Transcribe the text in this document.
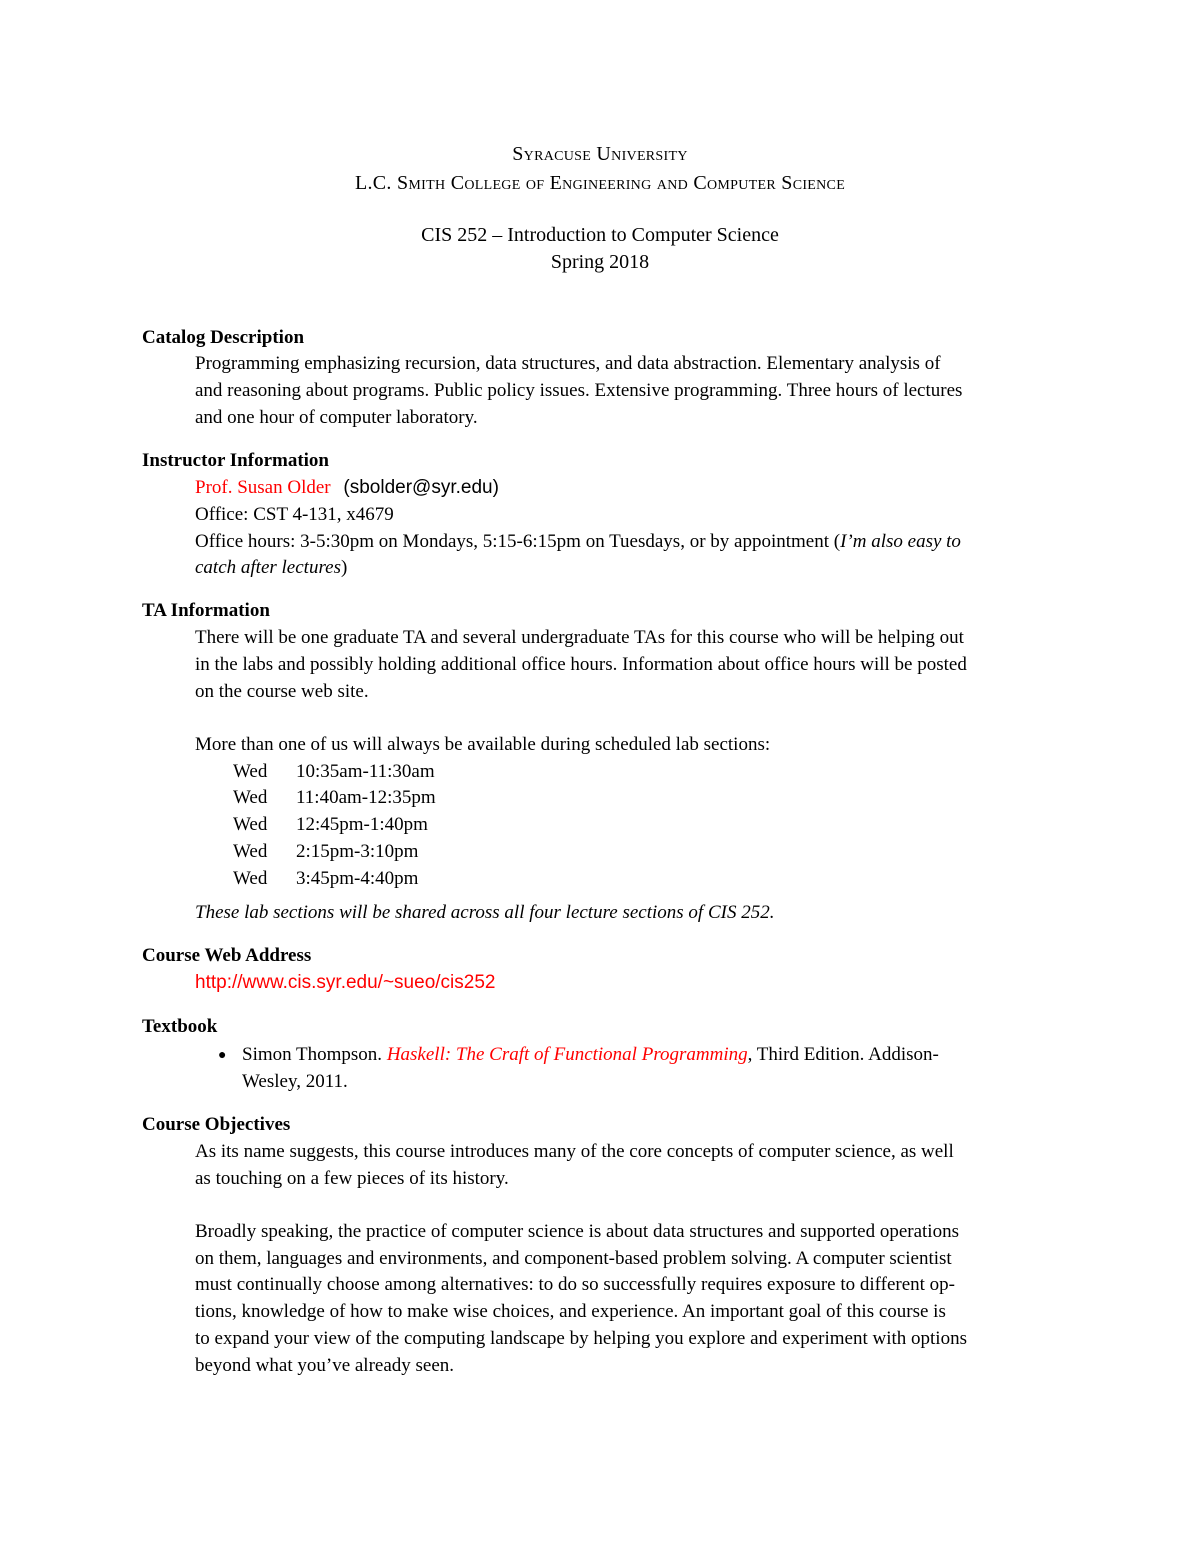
Syracuse University
L.C. Smith College of Engineering and Computer Science
CIS 252 – Introduction to Computer Science
Spring 2018
Catalog Description
Programming emphasizing recursion, data structures, and data abstraction. Elementary analysis of
and reasoning about programs. Public policy issues. Extensive programming. Three hours of lectures
and one hour of computer laboratory.
Instructor Information
Prof. Susan Older (sbolder@syr.edu)
Office: CST 4-131, x4679
Office hours: 3-5:30pm on Mondays, 5:15-6:15pm on Tuesdays, or by appointment (I’m also easy to
catch after lectures)
TA Information
There will be one graduate TA and several undergraduate TAs for this course who will be helping out
in the labs and possibly holding additional office hours. Information about office hours will be posted
on the course web site.
More than one of us will always be available during scheduled lab sections:
Wed 10:35am-11:30am
Wed 11:40am-12:35pm
Wed 12:45pm-1:40pm
Wed 2:15pm-3:10pm
Wed 3:45pm-4:40pm
These lab sections will be shared across all four lecture sections of CIS 252.
Course Web Address
http://www.cis.syr.edu/~sueo/cis252
Textbook
● Simon Thompson. Haskell: The Craft of Functional Programming, Third Edition. Addison-
Wesley, 2011.
Course Objectives
As its name suggests, this course introduces many of the core concepts of computer science, as well
as touching on a few pieces of its history.
Broadly speaking, the practice of computer science is about data structures and supported operations
on them, languages and environments, and component-based problem solving. A computer scientist
must continually choose among alternatives: to do so successfully requires exposure to different op-
tions, knowledge of how to make wise choices, and experience. An important goal of this course is
to expand your view of the computing landscape by helping you explore and experiment with options
beyond what you’ve already seen.
